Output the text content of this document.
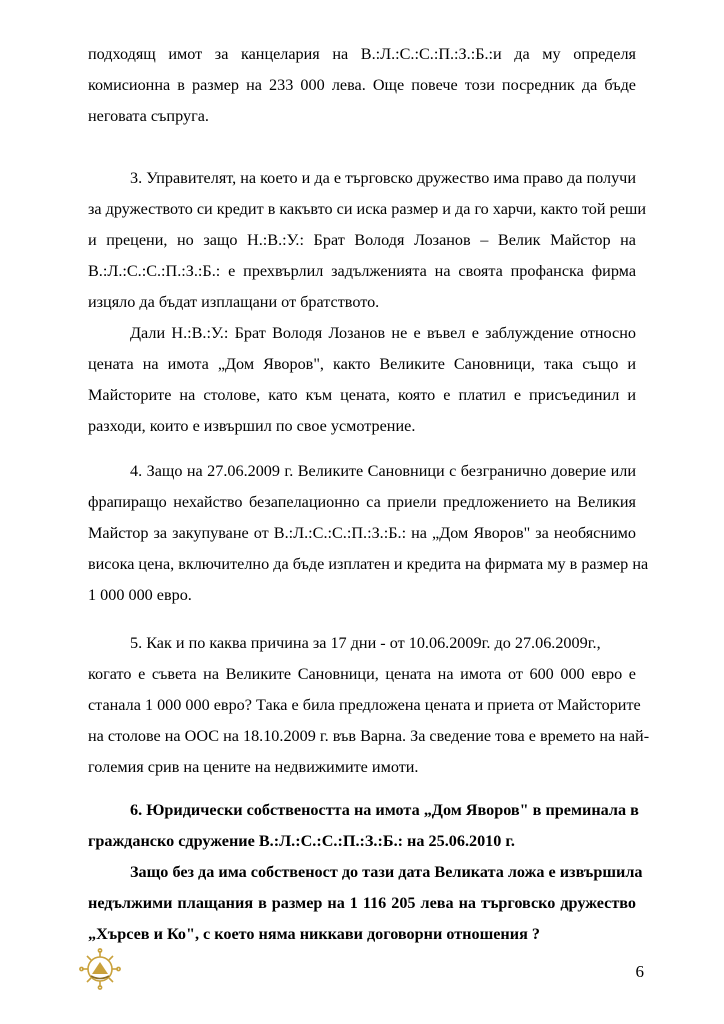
подходящ имот за канцелария на В.:Л.:С.:С.:П.:З.:Б.:и да му определя
комисионна в размер на 233 000 лева. Още повече този посредник да бъде
неговата съпруга.
3. Управителят, на което и да е търговско дружество има право да получи
за дружеството си кредит в какъвто си иска размер и да го харчи, както той реши
и прецени, но защо Н.:В.:У.: Брат Володя Лозанов – Велик Майстор на
В.:Л.:С.:С.:П.:З.:Б.: е прехвърлил задълженията на своята профанска фирма
изцяло да бъдат изплащани от братството.
Дали Н.:В.:У.: Брат Володя Лозанов не е въвел е заблуждение относно
цената на имота „Дом Яворов", както Великите Сановници, така също и
Майсторите на столове, като към цената, която е платил е присъединил и
разходи, които е извършил по свое усмотрение.
4. Защо на 27.06.2009 г. Великите Сановници с безгранично доверие или
фрапиращо нехайство безапелационно са приели предложението на Великия
Майстор за закупуване от В.:Л.:С.:С.:П.:З.:Б.: на „Дом Яворов" за необяснимо
висока цена, включително да бъде изплатен и кредита на фирмата му в размер на
1 000 000 евро.
5. Как и по каква причина за 17 дни - от 10.06.2009г. до 27.06.2009г.,
когато е съвета на Великите Сановници, цената на имота от 600 000 евро е
станала 1 000 000 евро? Така е била предложена цената и приета от Майсторите
на столове на ООС на 18.10.2009 г. във Варна. За сведение това е времето на най-
големия срив на цените на недвижимите имоти.
6. Юридически собствеността на имота „Дом Яворов" в преминала в
гражданско сдружение В.:Л.:С.:С.:П.:З.:Б.: на 25.06.2010 г.
Защо без да има собственост до тази дата Великата ложа е извършила
недължими плащания в размер на 1 116 205 лева на търговско дружество
„Хърсев и Ко", с което няма никкави договорни отношения ?
6
